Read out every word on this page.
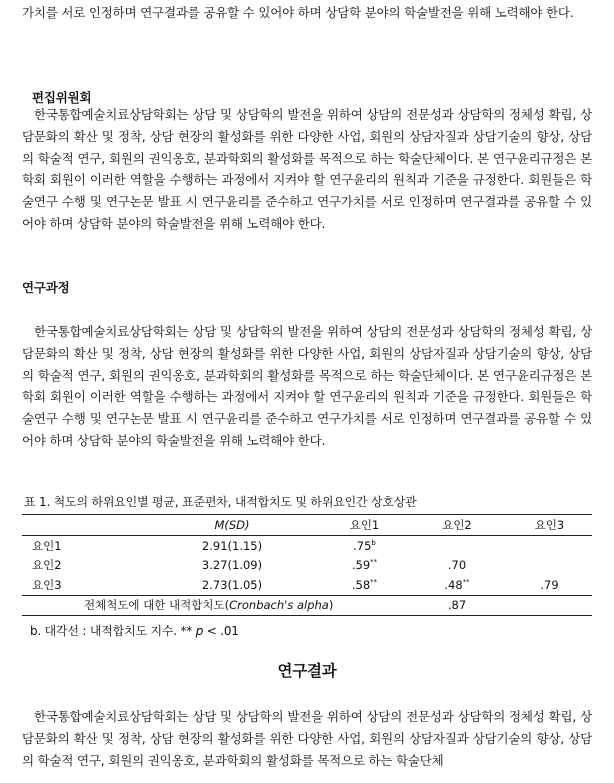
가치를 서로 인정하며 연구결과를 공유할 수 있어야 하며 상담학 분야의 학술발전을 위해 노력해야 한다.

편집위원회

한국통합예술치료상담학회는 상담 및 상담학의 발전을 위하여 상담의 전문성과 상담학의 정체성 확립, 상담문화의 확산 및 정착, 상담 현장의 활성화를 위한 다양한 사업, 회원의 상담자질과 상담기술의 향상, 상담의 학술적 연구, 회원의 권익옹호, 분과학회의 활성화를 목적으로 하는 학술단체이다. 본 연구윤리규정은 본 학회 회원이 이러한 역할을 수행하는 과정에서 지켜야 할 연구윤리의 원칙과 기준을 규정한다. 회원들은 학술연구 수행 및 연구논문 발표 시 연구윤리를 준수하고 연구가치를 서로 인정하며 연구결과를 공유할 수 있어야 하며 상담학 분야의 학술발전을 위해 노력해야 한다.

연구과정

한국통합예술치료상담학회는 상담 및 상담학의 발전을 위하여 상담의 전문성과 상담학의 정체성 확립, 상담문화의 확산 및 정착, 상담 현장의 활성화를 위한 다양한 사업, 회원의 상담자질과 상담기술의 향상, 상담의 학술적 연구, 회원의 권익옹호, 분과학회의 활성화를 목적으로 하는 학술단체이다. 본 연구윤리규정은 본 학회 회원이 이러한 역할을 수행하는 과정에서 지켜야 할 연구윤리의 원칙과 기준을 규정한다. 회원들은 학술연구 수행 및 연구논문 발표 시 연구윤리를 준수하고 연구가치를 서로 인정하며 연구결과를 공유할 수 있어야 하며 상담학 분야의 학술발전을 위해 노력해야 한다.

표 1. 척도의 하위요인별 평균, 표준편차, 내적합치도 및 하위요인간 상호상관
	M(SD)	요인1	요인2	요인3
요인1	2.91(1.15)	.75$^b$		
요인2	3.27(1.09)	.59**	.70	
요인3	2.73(1.05)	.58**	.48**	.79
전체척도에 대한 내적합치도(Cronbach's alpha)			.87	
b. 대각선 : 내적합치도 지수. ** p < .01
연구결과

한국통합예술치료상담학회는 상담 및 상담학의 발전을 위하여 상담의 전문성과 상담학의 정체성 확립, 상담문화의 확산 및 정착, 상담 현장의 활성화를 위한 다양한 사업, 회원의 상담자질과 상담기술의 향상, 상담의 학술적 연구, 회원의 권익옹호, 분과학회의 활성화를 목적으로 하는 학술단체
